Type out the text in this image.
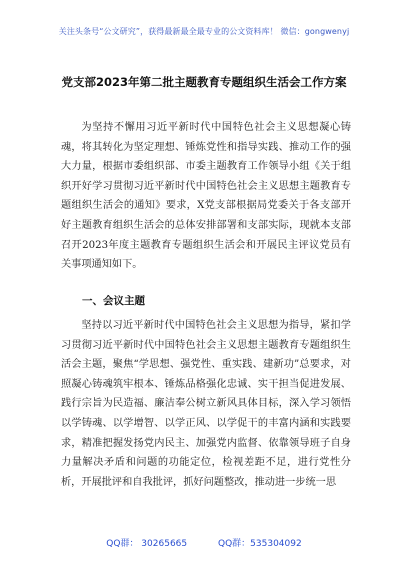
关注头条号“公文研究”，获得最新最全最专业的公文资料库！ 微信：gongwenyj
党支部2023年第二批主题教育专题组织生活会工作方案

为坚持不懈用习近平新时代中国特色社会主义思想凝心铸魂，将其转化为坚定理想、锤炼党性和指导实践、推动工作的强大力量，根据市委组织部、市委主题教育工作领导小组《关于组织开好学习贯彻习近平新时代中国特色社会主义思想主题教育专题组织生活会的通知》要求，X党支部根据局党委关于各支部开好主题教育组织生活会的总体安排部署和支部实际，现就本支部召开2023年度主题教育专题组织生活会和开展民主评议党员有关事项通知如下。

一、会议主题

坚持以习近平新时代中国特色社会主义思想为指导，紧扣学习贯彻习近平新时代中国特色社会主义思想主题教育专题组织生活会主题，聚焦“学思想、强党性、重实践、建新功”总要求，对照凝心铸魂筑牢根本、锤炼品格强化忠诚、实干担当促进发展、践行宗旨为民造福、廉洁奉公树立新风具体目标，深入学习领悟以学铸魂、以学增智、以学正风、以学促干的丰富内涵和实践要求，精准把握发扬党内民主、加强党内监督、依靠领导班子自身力量解决矛盾和问题的功能定位，检视差距不足，进行党性分析，开展批评和自我批评，抓好问题整改，推动进一步统一思

QQ群： 30265665	QQ群：535304092
